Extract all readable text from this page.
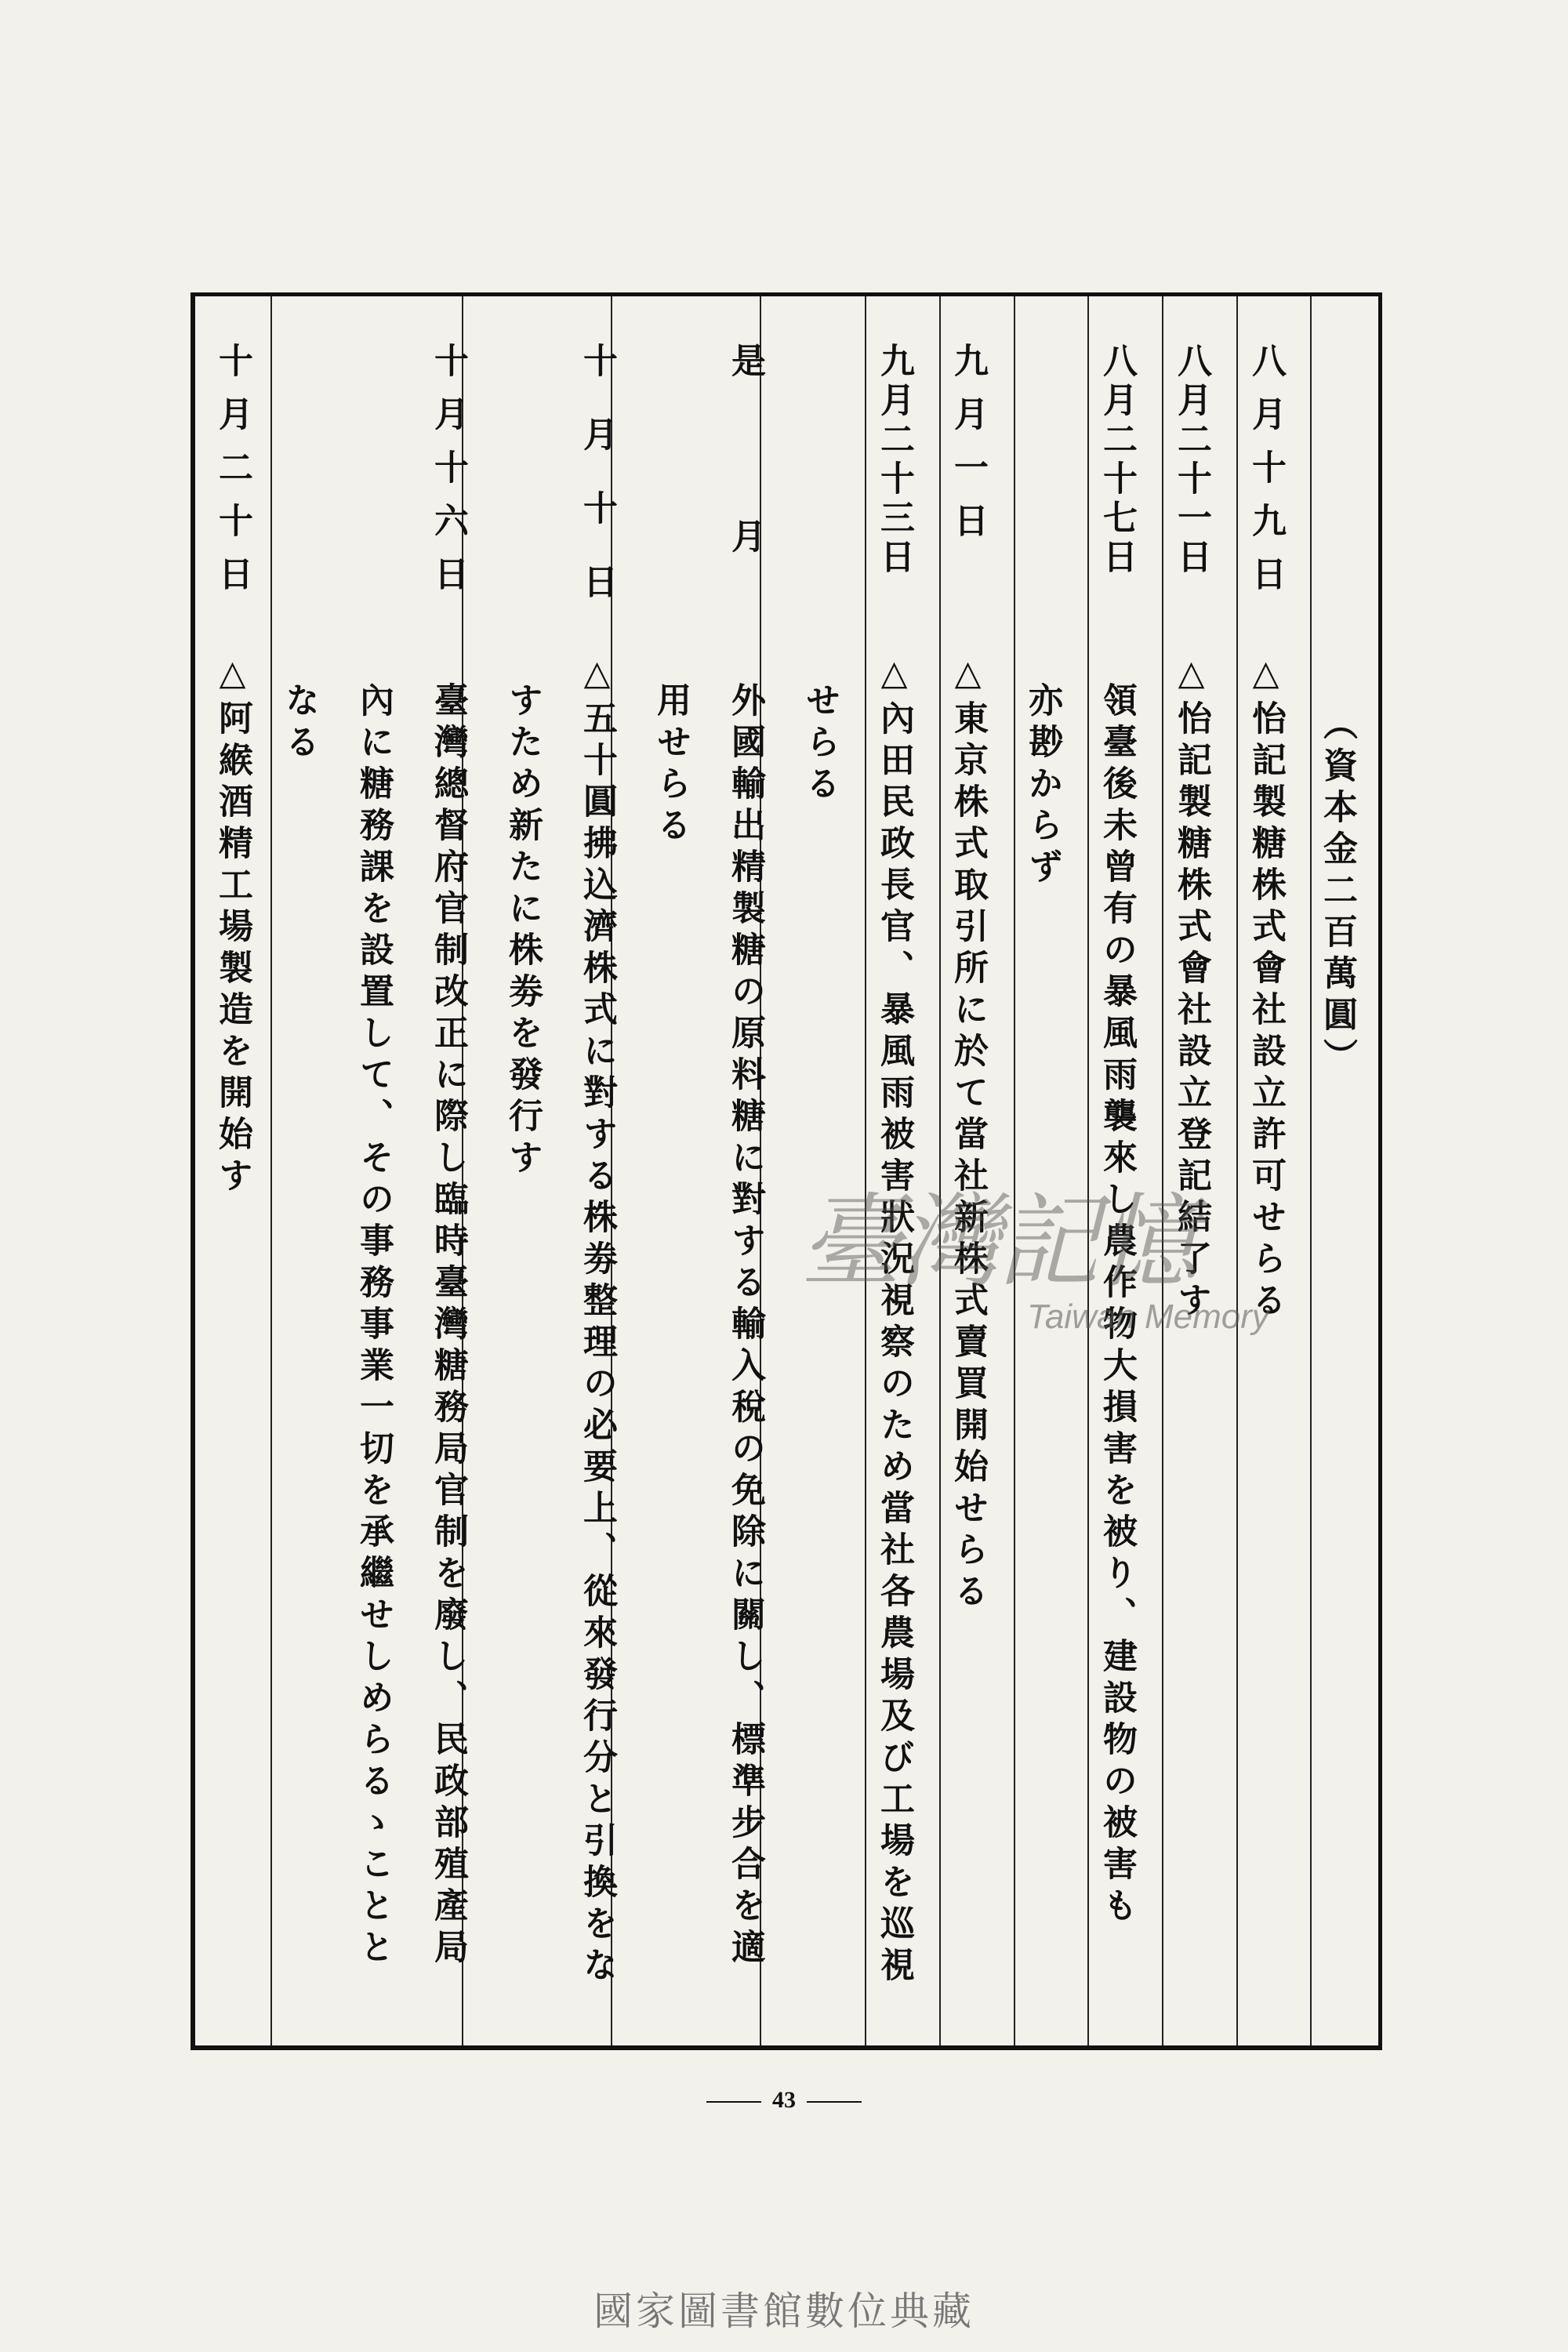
（資本金二百萬圓）
八月十九日
△怡記製糖株式會社設立許可せらる
八月二十一日
△怡記製糖株式會社設立登記結了す
八月二十七日
領臺後未曾有の暴風雨襲來し農作物大損害を被り、建設物の被害も
亦尠からず
九月一日
△東京株式取引所に於て當社新株式賣買開始せらる
九月二十三日
△內田民政長官、暴風雨被害狀況視察のため當社各農場及び工場を巡視
せらる
是月
外國輸出精製糖の原料糖に對する輸入稅の免除に關し、標準步合を適
用せらる
十月十日
△五十圓拂込濟株式に對する株劵整理の必要上、從來發行分と引換をな
すため新たに株劵を發行す
十月十六日
臺灣總督府官制改正に際し臨時臺灣糖務局官制を廢し、民政部殖產局
內に糖務課を設置して、その事務事業一切を承繼せしめらるゝことと
なる
十月二十日
△阿緱酒精工場製造を開始す
臺灣記憶
Taiwan Memory
43
國家圖書館數位典藏
